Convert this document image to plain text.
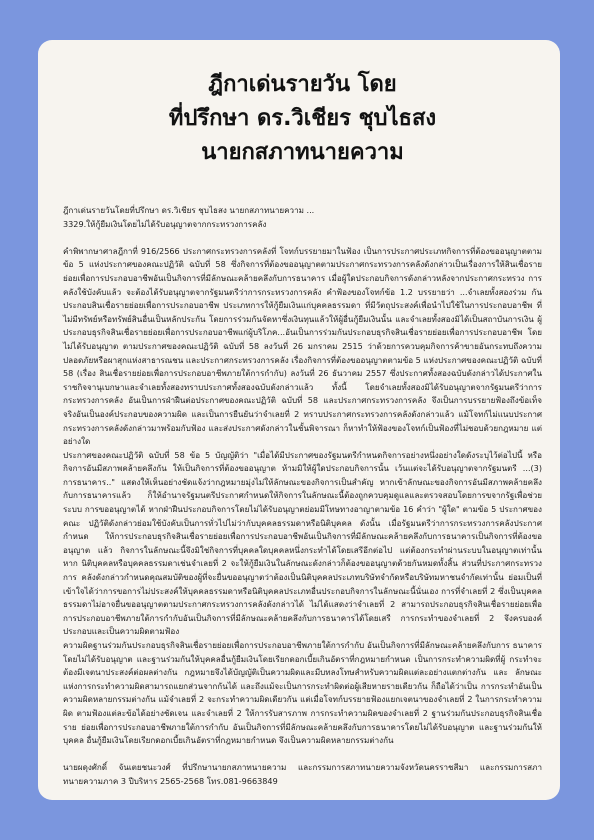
ฎีกาเด่นรายวัน โดย
ที่ปรึกษา ดร.วิเชียร ชุบไธสง
นายกสภาทนายความ

ฎีกาเด่นรายวันโดยที่ปรึกษา ดร.วิเชียร ชุบไธสง นายกสภาทนายความ ...
3329.ให้กู้ยืมเงินโดยไม่ได้รับอนุญาตจากกระทรวงการคลัง

คำพิพากษาศาลฎีกาที่ 916/2566 ประกาศกระทรวงการคลังที่ โจทก์บรรยายมาในฟ้อง เป็นการประกาศประเภทกิจการที่ต้องขออนุญาตตาม ข้อ 5 แห่งประกาศของคณะปฏิวัติ ฉบับที่ 58 ซึ่งกิจการที่ต้องขออนุญาตตามประกาศกระทรวงการคลังดังกล่าวเป็นเรื่องการให้สินเชื่อราย ย่อยเพื่อการประกอบอาชีพอันเป็นกิจการที่มีลักษณะคล้ายคลึงกับการธนาคาร เมื่อผู้ใดประกอบกิจการดังกล่าวหลังจากประกาศกระทรวง การคลังใช้บังคับแล้ว จะต้องได้รับอนุญาตจากรัฐมนตรีว่าการกระทรวงการคลัง คำฟ้องของโจทก์ข้อ 1.2 บรรยายว่า ...จำเลยทั้งสองร่วม กันประกอบสินเชื่อรายย่อยเพื่อการประกอบอาชีพ ประเภทการให้กู้ยืมเงินแก่บุคคลธรรมดา ที่มีวัตถุประสงค์เพื่อนำไปใช้ในการประกอบอาชีพ ที่ไม่มีทรัพย์หรือทรัพย์สินอื่นเป็นหลักประกัน โดยการร่วมกันจัดหาซึ่งเงินทุนแล้วให้ผู้อื่นกู้ยืมเงินนั้น และจำเลยทั้งสองมิได้เป็นสถาบันการเงิน ผู้ประกอบธุรกิจสินเชื่อรายย่อยเพื่อการประกอบอาชีพแก่ผู้บริโภค...อันเป็นการร่วมกันประกอบธุรกิจสินเชื่อรายย่อยเพื่อการประกอบอาชีพ โดยไม่ได้รับอนุญาต ตามประกาศของคณะปฏิวัติ ฉบับที่ 58 ลงวันที่ 26 มกราคม 2515 ว่าด้วยการควบคุมกิจการค้าขายอันกระทบถึงความ ปลอดภัยหรือผาสุกแห่งสาธารณชน และประกาศกระทรวงการคลัง เรื่องกิจการที่ต้องขออนุญาตตามข้อ 5 แห่งประกาศของคณะปฏิวัติ ฉบับที่ 58 (เรื่อง สินเชื่อรายย่อยเพื่อการประกอบอาชีพภายใต้การกำกับ) ลงวันที่ 26 ธันวาคม 2557 ซึ่งประกาศทั้งสองฉบับดังกล่าวได้ประกาศใน ราชกิจจานุเบกษาและจำเลยทั้งสองทราบประกาศทั้งสองฉบับดังกล่าวแล้ว ทั้งนี้ โดยจำเลยทั้งสองมิได้รับอนุญาตจากรัฐมนตรีว่าการ กระทรวงการคลัง อันเป็นการฝ่าฝืนต่อประกาศของคณะปฏิวัติ ฉบับที่ 58 และประกาศกระทรวงการคลัง จึงเป็นการบรรยายฟ้องถึงข้อเท็จ จริงอันเป็นองค์ประกอบของความผิด และเป็นการยืนยันว่าจำเลยที่ 2 ทราบประกาศกระทรวงการคลังดังกล่าวแล้ว แม้โจทก์ไม่แนบประกาศ กระทรวงการคลังดังกล่าวมาพร้อมกับฟ้อง และส่งประกาศดังกล่าวในชั้นพิจารณา ก็หาทำให้ฟ้องของโจทก์เป็นฟ้องที่ไม่ชอบด้วยกฎหมาย แต่อย่างใด

ประกาศของคณะปฏิวัติ ฉบับที่ 58 ข้อ 5 บัญญัติว่า "เมื่อได้มีประกาศของรัฐมนตรีกำหนดกิจการอย่างหนึ่งอย่างใดดังระบุไว้ต่อไปนี้ หรือ กิจการอันมีสภาพคล้ายคลึงกัน ให้เป็นกิจการที่ต้องขออนุญาต ห้ามมิให้ผู้ใดประกอบกิจการนั้น เว้นแต่จะได้รับอนุญาตจากรัฐมนตรี ...(3) การธนาคาร.." แสดงให้เห็นอย่างชัดแจ้งว่ากฎหมายมุ่งไม่ให้ลักษณะของกิจการเป็นสำคัญ หากเข้าลักษณะของกิจการอันมีสภาพคล้ายคลึง กับการธนาคารแล้ว ก็ให้อำนาจรัฐมนตรีประกาศกำหนดให้กิจการในลักษณะนี้ต้องถูกควบคุมดูแลและตรวจสอบโดยการขจากรัฐเพื่อช่วยระบบ การขออนุญาตได้ หากฝ่าฝืนประกอบกิจการโดยไม่ได้รับอนุญาตย่อมมีโทษทางอาญาตามข้อ 16 คำว่า "ผู้ใด" ตามข้อ 5 ประกาศของคณะ ปฏิวัติดังกล่าวย่อมใช้บังคับเป็นการทั่วไปไม่ว่ากับบุคคลธรรมดาหรือนิติบุคคล ดังนั้น เมื่อรัฐมนตรีว่าการกระทรวงการคลังประกาศกำหนด ให้การประกอบธุรกิจสินเชื่อรายย่อยเพื่อการประกอบอาชีพอันเป็นกิจการที่มีลักษณะคล้ายคลึงกับการธนาคารเป็นกิจการที่ต้องขออนุญาต แล้ว กิจการในลักษณะนี้จึงมิใช่กิจการที่บุคคลใดบุคคลหนึ่งกระทำได้โดยเสรีอีกต่อไป แต่ต้องกระทำผ่านระบบในอนุญาตเท่านั้น หาก นิติบุคคลหรือบุคคลธรรมดาเช่นจำเลยที่ 2 จะให้กู้ยืมเงินในลักษณะดังกล่าวก็ต้องขออนุญาตด้วยกันหมดทั้งสิ้น ส่วนที่ประกาศกระทรวงการ คลังดังกล่าวกำหนดคุณสมบัติของผู้ที่จะยื่นขออนุญาตว่าต้องเป็นนิติบุคคลประเภทบริษัทจำกัดหรือบริษัทมหาชนจำกัดเท่านั้น ย่อมเป็นที่ เข้าใจได้ว่าการขอการไม่ประสงค์ให้บุคคลธรรมดาหรือนิติบุคคลประเภทอื่นประกอบกิจการในลักษณะนี้นั่นเอง การที่จำเลยที่ 2 ซึ่งเป็นบุคคล ธรรมดาไม่อาจยื่นขออนุญาตตามประกาศกระทรวงการคลังดังกล่าวได้ ไม่ได้แสดงว่าจำเลยที่ 2 สามารถประกอบธุรกิจสินเชื่อรายย่อยเพื่อ การประกอบอาชีพภายใต้การกำกับอันเป็นกิจการที่มีลักษณะคล้ายคลึงกับการธนาคารได้โดยเสรี การกระทำของจำเลยที่ 2 จึงครบองค์ ประกอบและเป็นความผิดตามฟ้อง

ความผิดฐานร่วมกันประกอบธุรกิจสินเชื่อรายย่อยเพื่อการประกอบอาชีพภายใต้การกำกับ อันเป็นกิจการที่มีลักษณะคล้ายคลึงกับการ ธนาคารโดยไม่ได้รับอนุญาต และฐานร่วมกันให้บุคคลอื่นกู้ยืมเงินโดยเรียกดอกเบี้ยเกินอัตราที่กฎหมายกำหนด เป็นการกระทำความผิดที่ผู้ กระทำจะต้องมีเจตนาประสงค์ต่อผลต่างกัน กฎหมายจึงได้บัญญัติเป็นความผิดและมีบทลงโทษสำหรับความผิดแต่ละอย่างแตกต่างกัน และ ลักษณะแห่งการกระทำความผิดสามารถแยกส่วนจากกันได้ และถึงแม้จะเป็นการกระทำผิดต่อผู้เสียหายรายเดียวกัน ก็ถือได้ว่าเป็น การกระทำอันเป็นความผิดหลายกรรมต่างกัน แม้จำเลยที่ 2 จะกระทำความผิดเดียวกัน แต่เมื่อโจทก์บรรยายฟ้องแยกเจตนาของจำเลยที่ 2 ในการกระทำความผิด ตามฟ้องแต่ละข้อได้อย่างชัดเจน และจำเลยที่ 2 ให้การรับสารภาพ การกระทำความผิดของจำเลยที่ 2 ฐานร่วมกันประกอบธุรกิจสินเชื่อราย ย่อยเพื่อการประกอบอาชีพภายใต้การกำกับ อันเป็นกิจการที่มีลักษณะคล้ายคลึงกับการธนาคารโดยไม่ได้รับอนุญาต และฐานร่วมกันให้บุคคล อื่นกู้ยืมเงินโดยเรียกดอกเบี้ยเกินอัตราที่กฎหมายกำหนด จึงเป็นความผิดหลายกรรมต่างกัน

นายผดุงศักดิ์ จันเตยชนะวงศ์ ที่ปรึกษานายกสภาทนายความ และกรรมการสภาทนายความจังหวัดนครราชสีมา และกรรมการสภา ทนายความภาค 3 ปีบริหาร 2565-2568 โทร.081-9663849
